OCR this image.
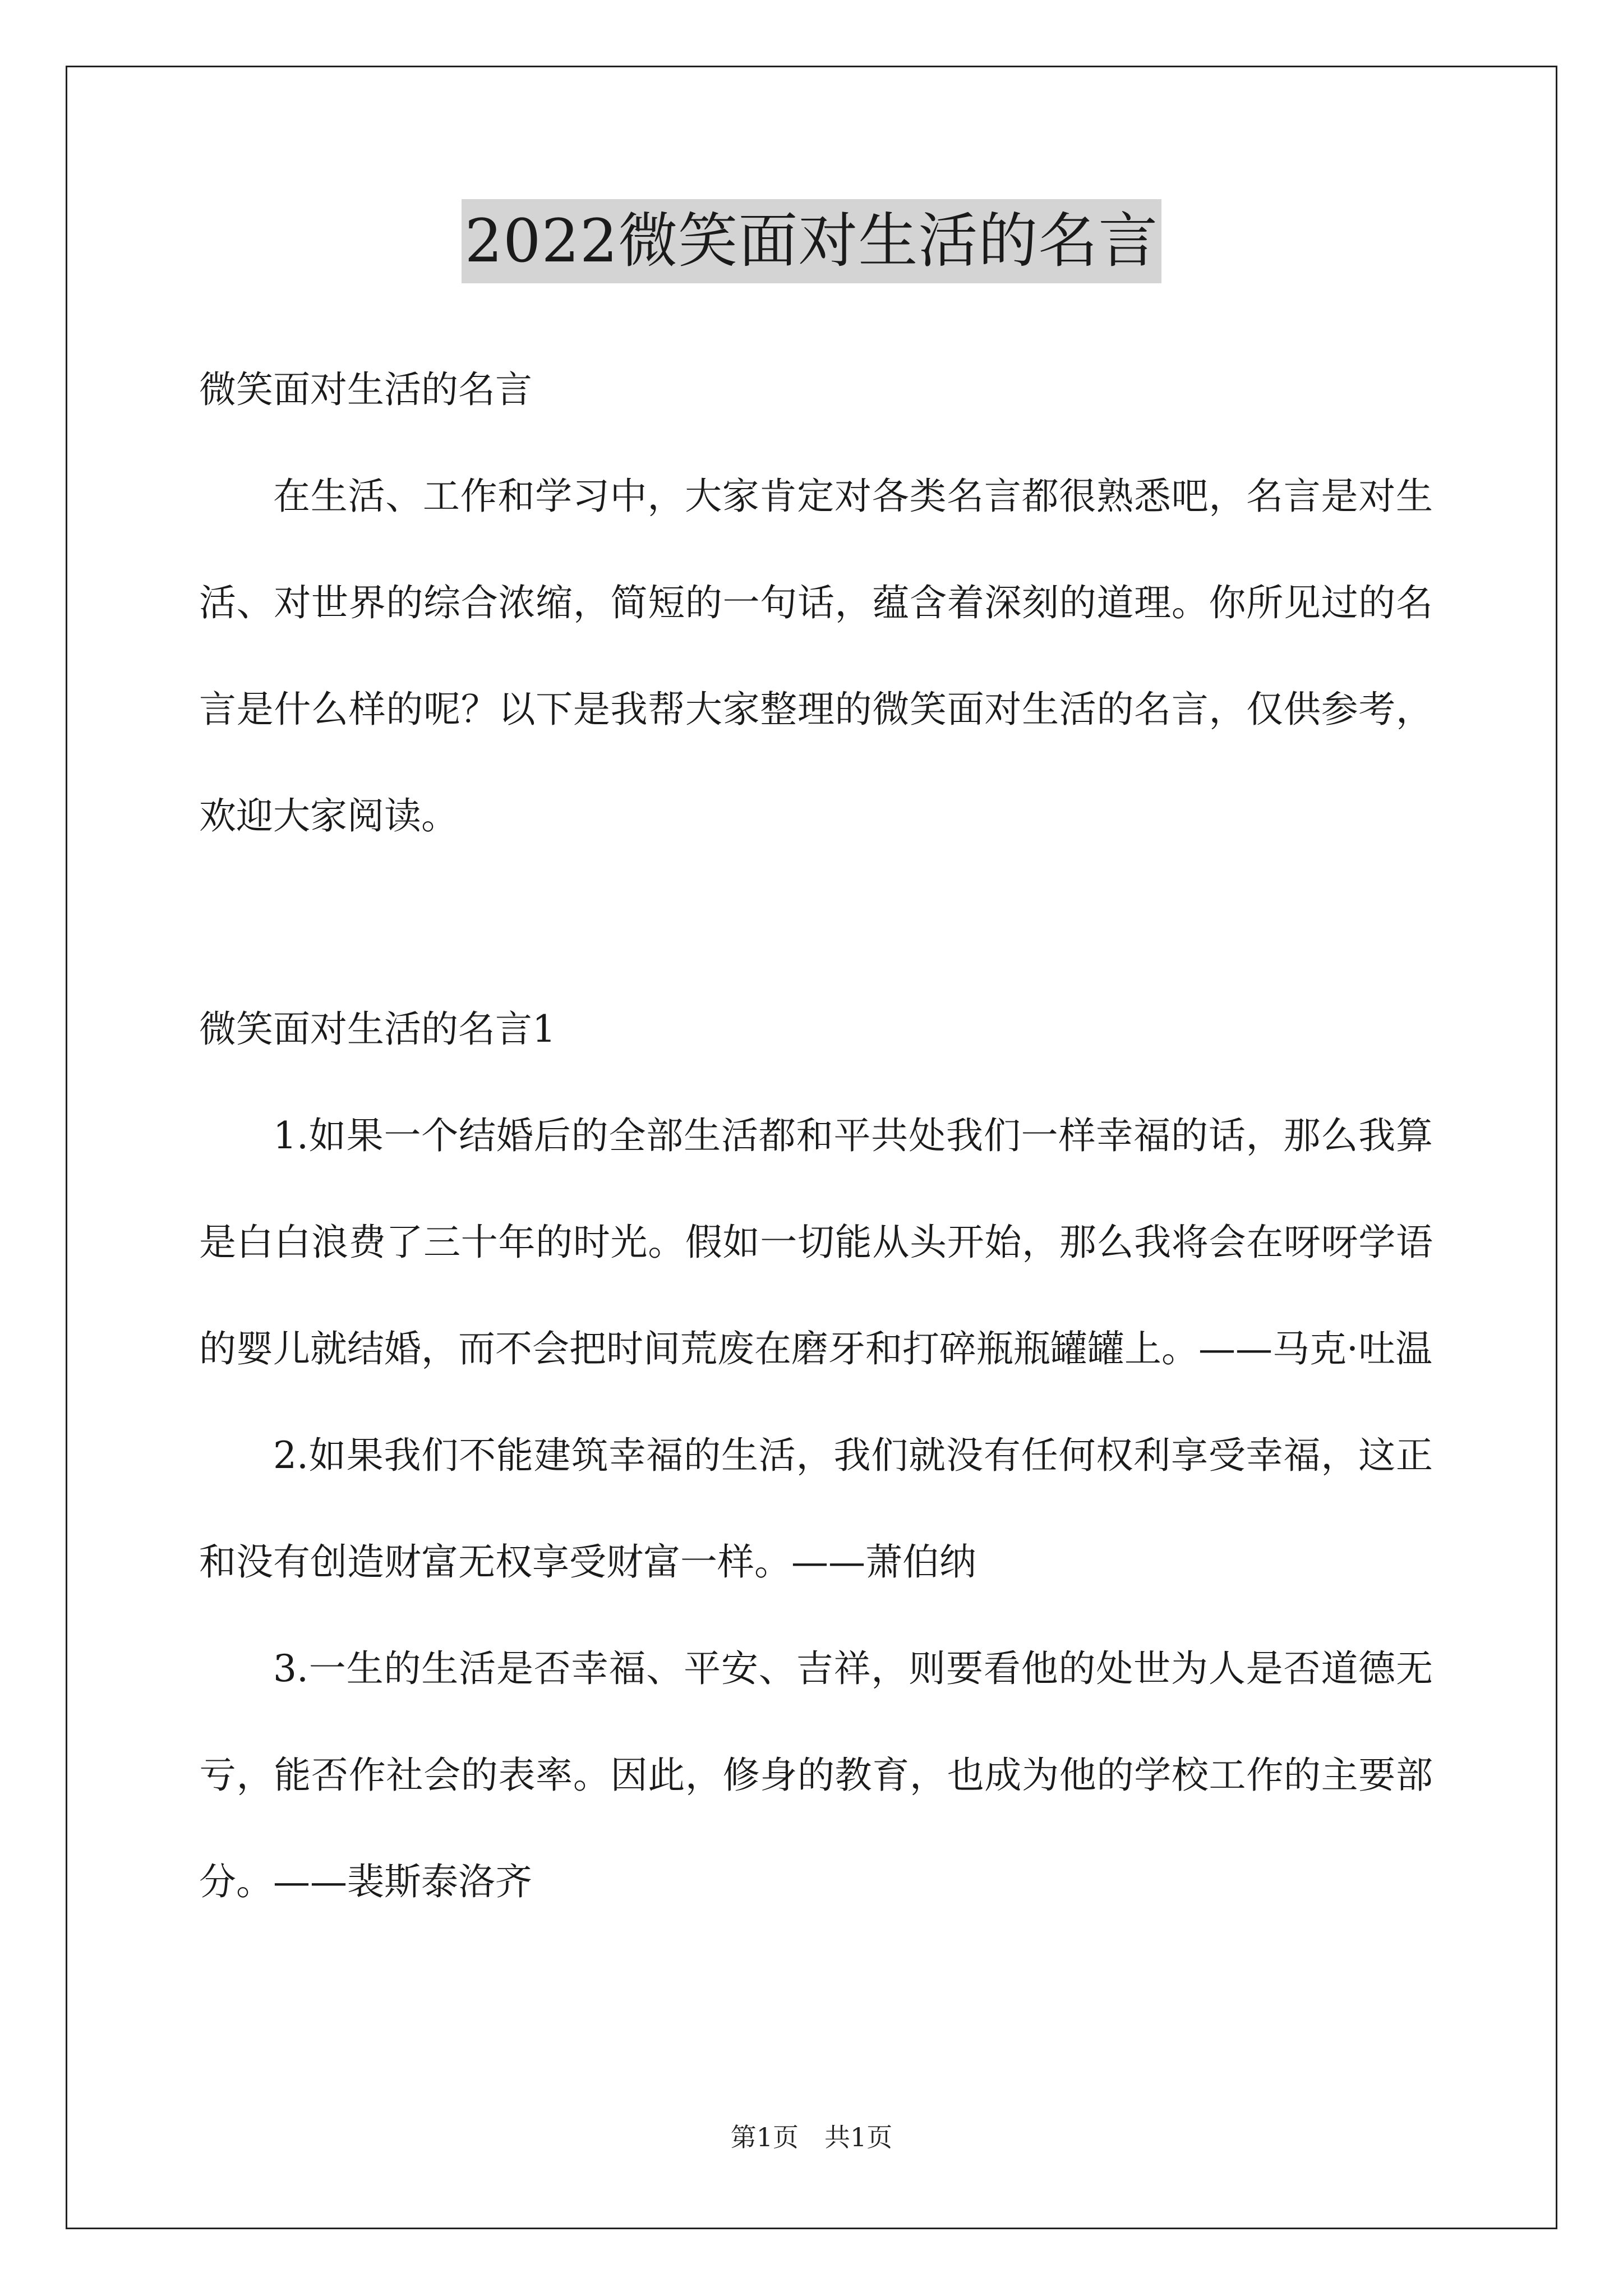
2022微笑面对生活的名言

微笑面对生活的名言

在生活、工作和学习中，大家肯定对各类名言都很熟悉吧，名言是对生活、对世界的综合浓缩，简短的一句话，蕴含着深刻的道理。你所见过的名言是什么样的呢？以下是我帮大家整理的微笑面对生活的名言，仅供参考，欢迎大家阅读。

微笑面对生活的名言1

1.如果一个结婚后的全部生活都和平共处我们一样幸福的话，那么我算是白白浪费了三十年的时光。假如一切能从头开始，那么我将会在呀呀学语的婴儿就结婚，而不会把时间荒废在磨牙和打碎瓶瓶罐罐上。——马克·吐温

2.如果我们不能建筑幸福的生活，我们就没有任何权利享受幸福，这正和没有创造财富无权享受财富一样。——萧伯纳

3.一生的生活是否幸福、平安、吉祥，则要看他的处世为人是否道德无亏，能否作社会的表率。因此，修身的教育，也成为他的学校工作的主要部分。——裴斯泰洛齐

第1页　共1页
